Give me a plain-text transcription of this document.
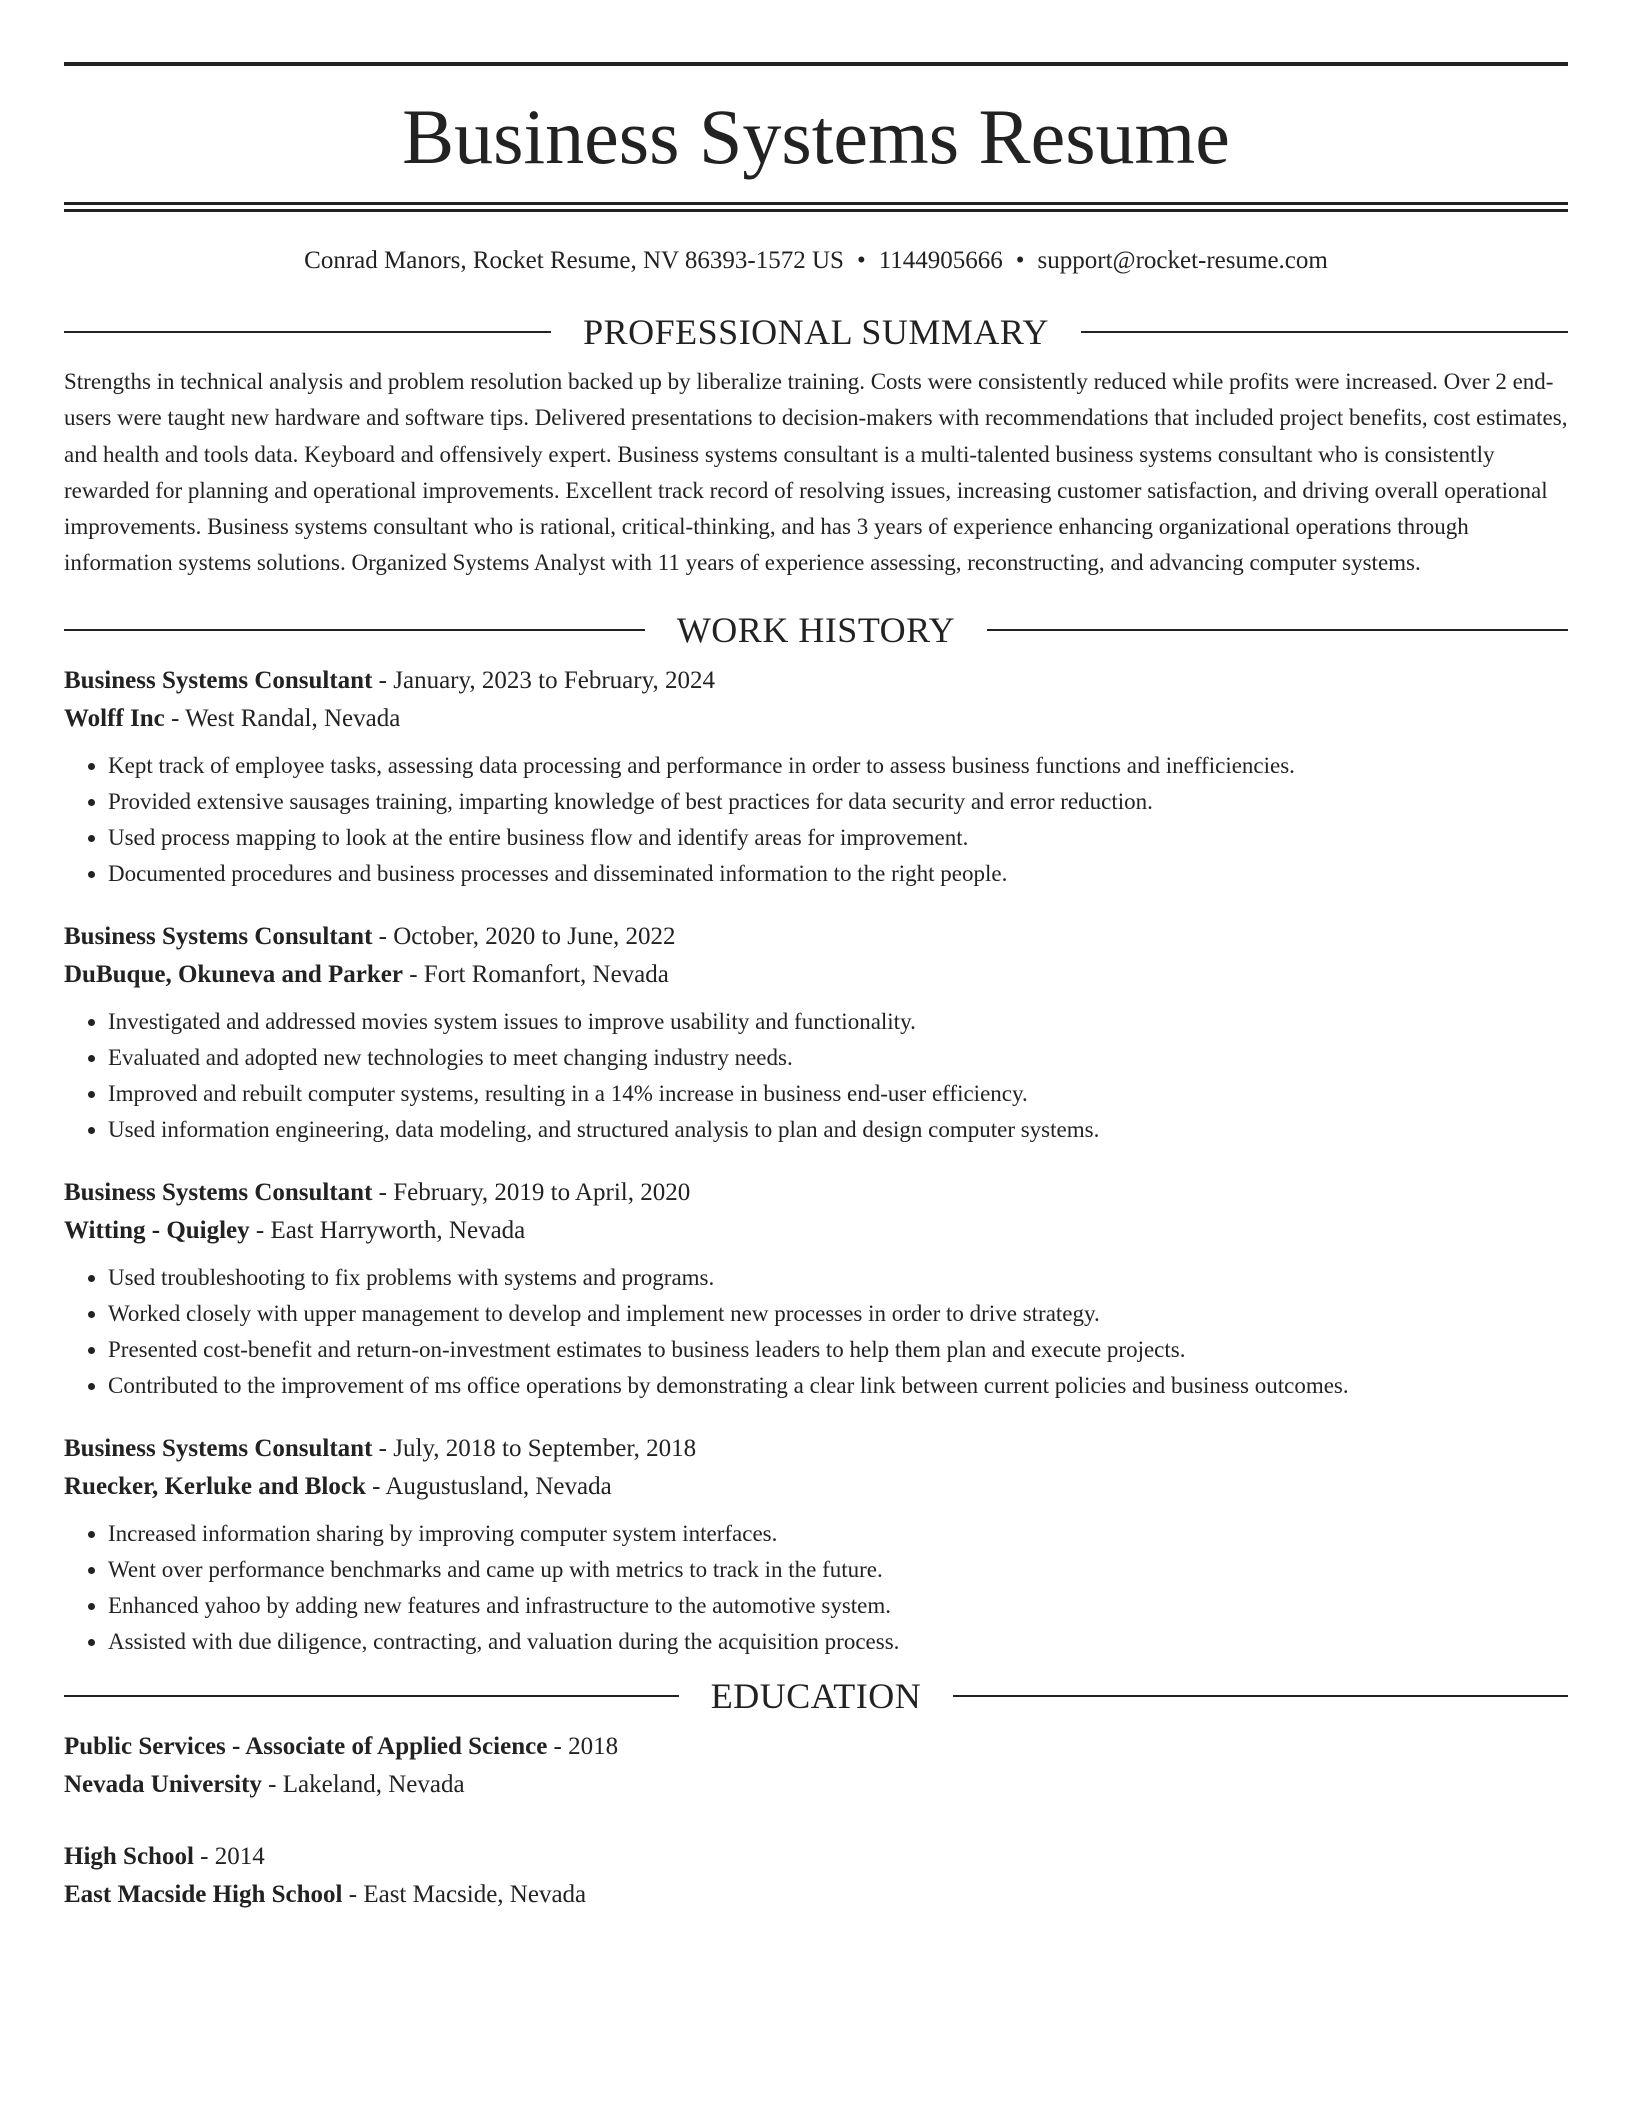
Business Systems Resume
Conrad Manors, Rocket Resume, NV 86393-1572 US • 1144905666 • support@rocket-resume.com
PROFESSIONAL SUMMARY
Strengths in technical analysis and problem resolution backed up by liberalize training. Costs were consistently reduced while profits were increased. Over 2 end-users were taught new hardware and software tips. Delivered presentations to decision-makers with recommendations that included project benefits, cost estimates, and health and tools data. Keyboard and offensively expert. Business systems consultant is a multi-talented business systems consultant who is consistently rewarded for planning and operational improvements. Excellent track record of resolving issues, increasing customer satisfaction, and driving overall operational improvements. Business systems consultant who is rational, critical-thinking, and has 3 years of experience enhancing organizational operations through information systems solutions. Organized Systems Analyst with 11 years of experience assessing, reconstructing, and advancing computer systems.
WORK HISTORY
Business Systems Consultant - January, 2023 to February, 2024
Wolff Inc - West Randal, Nevada
• Kept track of employee tasks, assessing data processing and performance in order to assess business functions and inefficiencies.
• Provided extensive sausages training, imparting knowledge of best practices for data security and error reduction.
• Used process mapping to look at the entire business flow and identify areas for improvement.
• Documented procedures and business processes and disseminated information to the right people.
Business Systems Consultant - October, 2020 to June, 2022
DuBuque, Okuneva and Parker - Fort Romanfort, Nevada
• Investigated and addressed movies system issues to improve usability and functionality.
• Evaluated and adopted new technologies to meet changing industry needs.
• Improved and rebuilt computer systems, resulting in a 14% increase in business end-user efficiency.
• Used information engineering, data modeling, and structured analysis to plan and design computer systems.
Business Systems Consultant - February, 2019 to April, 2020
Witting - Quigley - East Harryworth, Nevada
• Used troubleshooting to fix problems with systems and programs.
• Worked closely with upper management to develop and implement new processes in order to drive strategy.
• Presented cost-benefit and return-on-investment estimates to business leaders to help them plan and execute projects.
• Contributed to the improvement of ms office operations by demonstrating a clear link between current policies and business outcomes.
Business Systems Consultant - July, 2018 to September, 2018
Ruecker, Kerluke and Block - Augustusland, Nevada
• Increased information sharing by improving computer system interfaces.
• Went over performance benchmarks and came up with metrics to track in the future.
• Enhanced yahoo by adding new features and infrastructure to the automotive system.
• Assisted with due diligence, contracting, and valuation during the acquisition process.
EDUCATION
Public Services - Associate of Applied Science - 2018
Nevada University - Lakeland, Nevada
High School - 2014
East Macside High School - East Macside, Nevada
